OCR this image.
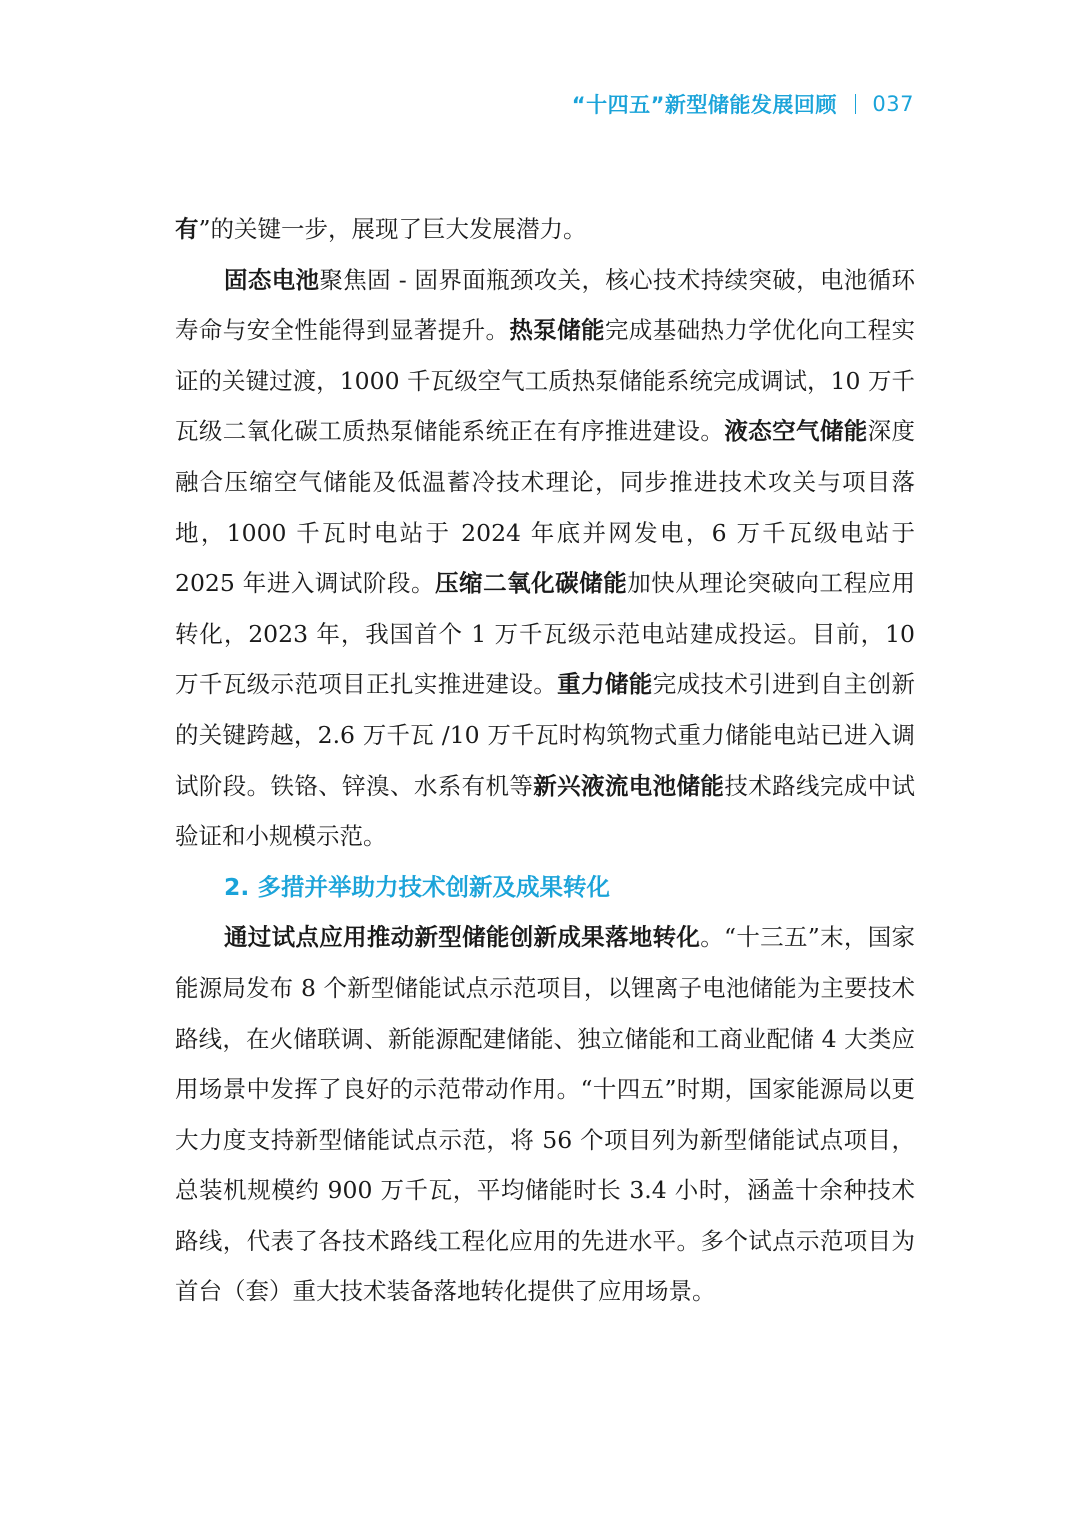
“十四五”新型储能发展回顾 037

有”的关键一步，展现了巨大发展潜力。

固态电池聚焦固 - 固界面瓶颈攻关，核心技术持续突破，电池循环寿命与安全性能得到显著提升。热泵储能完成基础热力学优化向工程实证的关键过渡，1000 千瓦级空气工质热泵储能系统完成调试，10 万千瓦级二氧化碳工质热泵储能系统正在有序推进建设。液态空气储能深度融合压缩空气储能及低温蓄冷技术理论，同步推进技术攻关与项目落地，1000 千瓦时电站于 2024 年底并网发电，6 万千瓦级电站于 2025 年进入调试阶段。压缩二氧化碳储能加快从理论突破向工程应用转化，2023 年，我国首个 1 万千瓦级示范电站建成投运。目前，10 万千瓦级示范项目正扎实推进建设。重力储能完成技术引进到自主创新的关键跨越，2.6 万千瓦 /10 万千瓦时构筑物式重力储能电站已进入调试阶段。铁铬、锌溴、水系有机等新兴液流电池储能技术路线完成中试验证和小规模示范。

2. 多措并举助力技术创新及成果转化

通过试点应用推动新型储能创新成果落地转化。“十三五”末，国家能源局发布 8 个新型储能试点示范项目，以锂离子电池储能为主要技术路线，在火储联调、新能源配建储能、独立储能和工商业配储 4 大类应用场景中发挥了良好的示范带动作用。“十四五”时期，国家能源局以更大力度支持新型储能试点示范，将 56 个项目列为新型储能试点项目，总装机规模约 900 万千瓦，平均储能时长 3.4 小时，涵盖十余种技术路线，代表了各技术路线工程化应用的先进水平。多个试点示范项目为首台（套）重大技术装备落地转化提供了应用场景。
